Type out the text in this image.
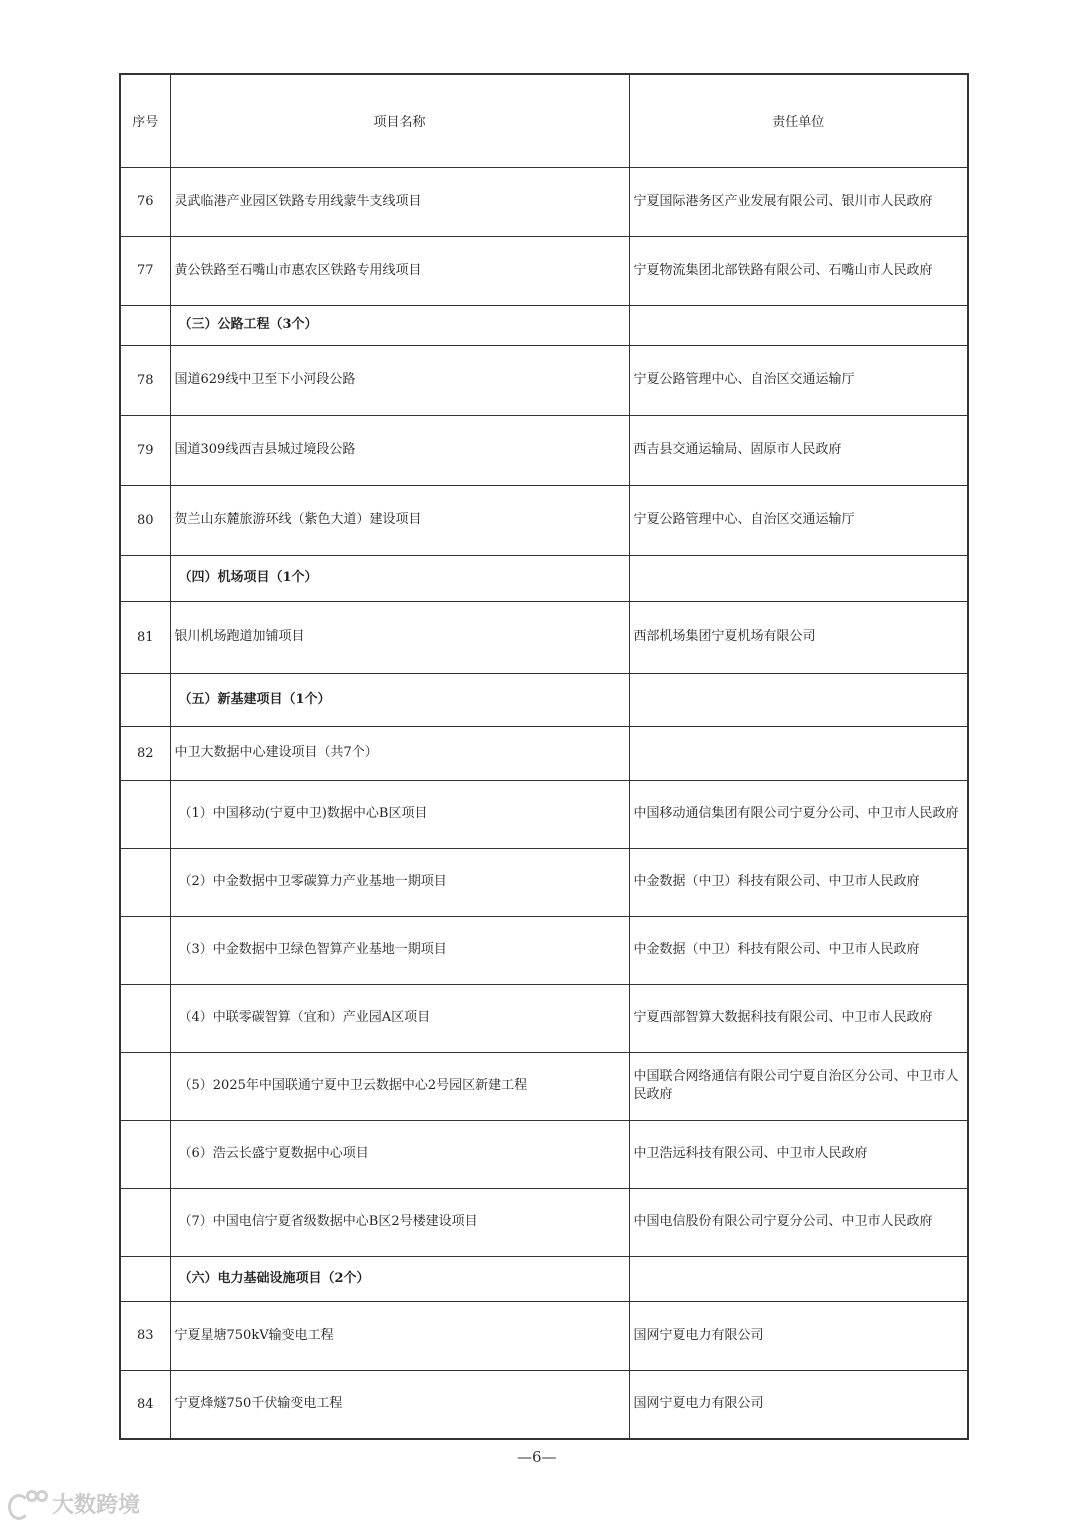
序号	项目名称	责任单位
76	灵武临港产业园区铁路专用线蒙牛支线项目	宁夏国际港务区产业发展有限公司、银川市人民政府
77	黄公铁路至石嘴山市惠农区铁路专用线项目	宁夏物流集团北部铁路有限公司、石嘴山市人民政府
	（三）公路工程（3个）	
78	国道629线中卫至下小河段公路	宁夏公路管理中心、自治区交通运输厅
79	国道309线西吉县城过境段公路	西吉县交通运输局、固原市人民政府
80	贺兰山东麓旅游环线（紫色大道）建设项目	宁夏公路管理中心、自治区交通运输厅
	（四）机场项目（1个）	
81	银川机场跑道加铺项目	西部机场集团宁夏机场有限公司
	（五）新基建项目（1个）	
82	中卫大数据中心建设项目（共7个）	
	（1）中国移动(宁夏中卫)数据中心B区项目	中国移动通信集团有限公司宁夏分公司、中卫市人民政府
	（2）中金数据中卫零碳算力产业基地一期项目	中金数据（中卫）科技有限公司、中卫市人民政府
	（3）中金数据中卫绿色智算产业基地一期项目	中金数据（中卫）科技有限公司、中卫市人民政府
	（4）中联零碳智算（宜和）产业园A区项目	宁夏西部智算大数据科技有限公司、中卫市人民政府
	（5）2025年中国联通宁夏中卫云数据中心2号园区新建工程	中国联合网络通信有限公司宁夏自治区分公司、中卫市人民政府
	（6）浩云长盛宁夏数据中心项目	中卫浩远科技有限公司、中卫市人民政府
	（7）中国电信宁夏省级数据中心B区2号楼建设项目	中国电信股份有限公司宁夏分公司、中卫市人民政府
	（六）电力基础设施项目（2个）	
83	宁夏星塘750kV输变电工程	国网宁夏电力有限公司
84	宁夏烽燧750千伏输变电工程	国网宁夏电力有限公司
—6—
大数跨境
